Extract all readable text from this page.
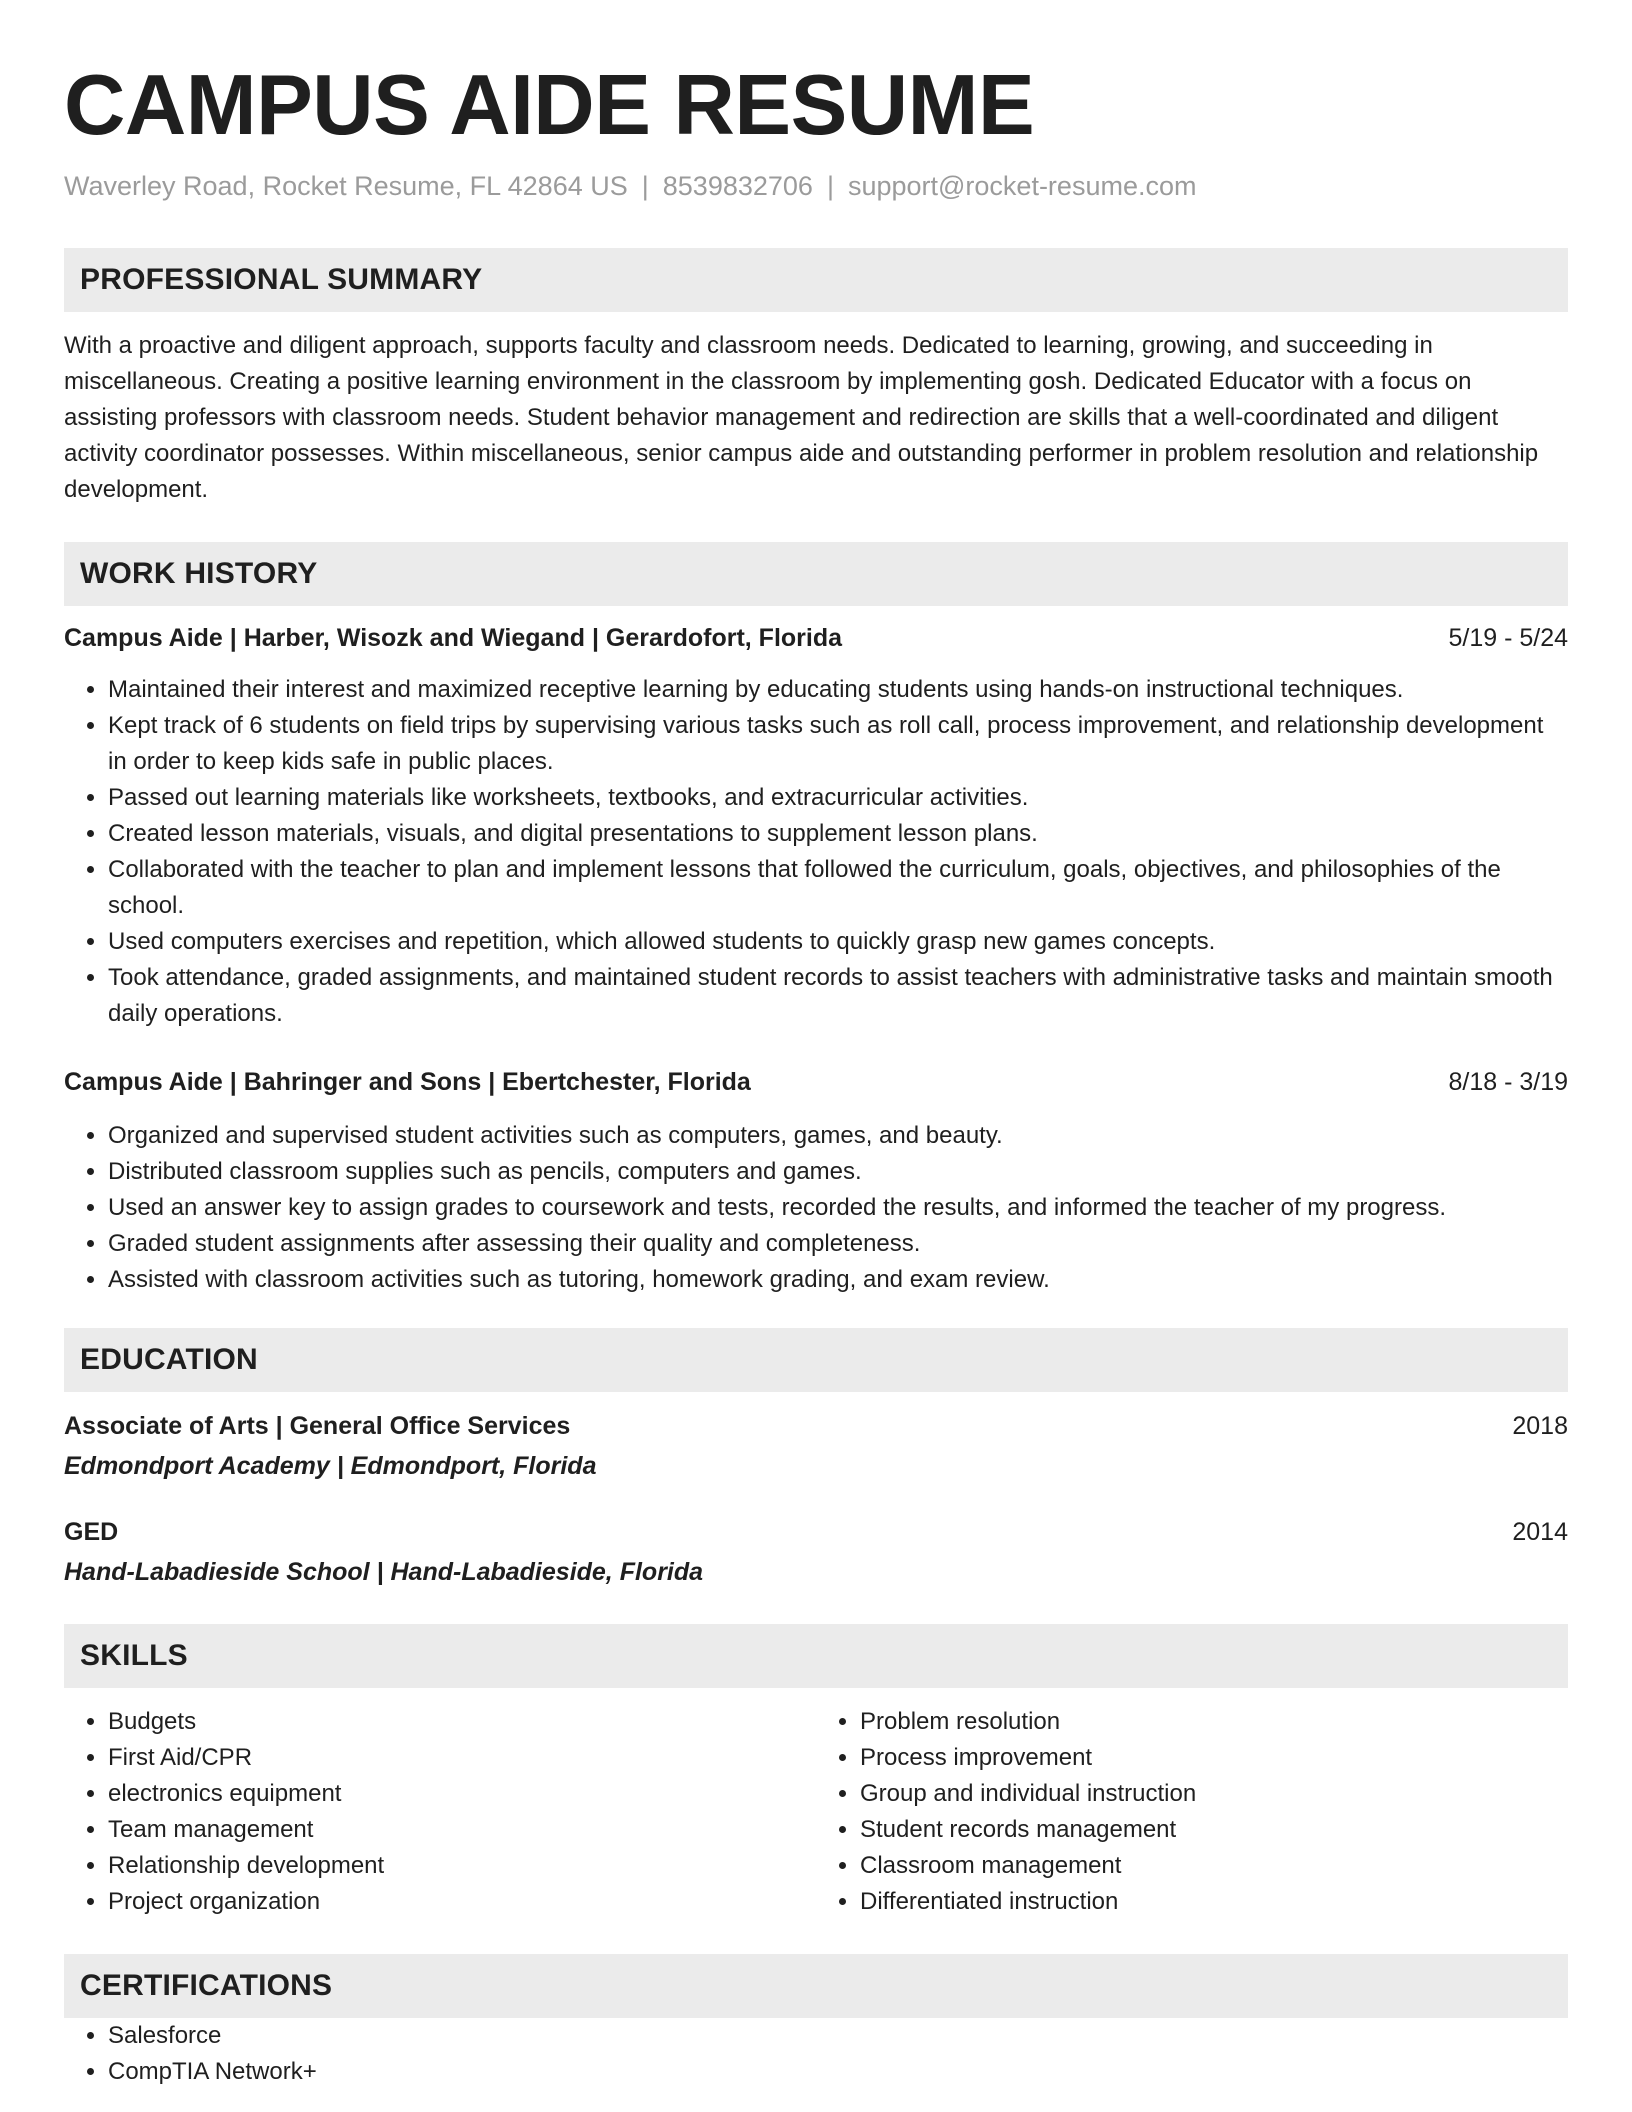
CAMPUS AIDE RESUME
Waverley Road, Rocket Resume, FL 42864 US | 8539832706 | support@rocket-resume.com
PROFESSIONAL SUMMARY
With a proactive and diligent approach, supports faculty and classroom needs. Dedicated to learning, growing, and succeeding in miscellaneous. Creating a positive learning environment in the classroom by implementing gosh. Dedicated Educator with a focus on assisting professors with classroom needs. Student behavior management and redirection are skills that a well-coordinated and diligent activity coordinator possesses. Within miscellaneous, senior campus aide and outstanding performer in problem resolution and relationship development.
WORK HISTORY
Campus Aide | Harber, Wisozk and Wiegand | Gerardofort, Florida	5/19 - 5/24
• Maintained their interest and maximized receptive learning by educating students using hands-on instructional techniques.
• Kept track of 6 students on field trips by supervising various tasks such as roll call, process improvement, and relationship development in order to keep kids safe in public places.
• Passed out learning materials like worksheets, textbooks, and extracurricular activities.
• Created lesson materials, visuals, and digital presentations to supplement lesson plans.
• Collaborated with the teacher to plan and implement lessons that followed the curriculum, goals, objectives, and philosophies of the school.
• Used computers exercises and repetition, which allowed students to quickly grasp new games concepts.
• Took attendance, graded assignments, and maintained student records to assist teachers with administrative tasks and maintain smooth daily operations.
Campus Aide | Bahringer and Sons | Ebertchester, Florida	8/18 - 3/19
• Organized and supervised student activities such as computers, games, and beauty.
• Distributed classroom supplies such as pencils, computers and games.
• Used an answer key to assign grades to coursework and tests, recorded the results, and informed the teacher of my progress.
• Graded student assignments after assessing their quality and completeness.
• Assisted with classroom activities such as tutoring, homework grading, and exam review.
EDUCATION
Associate of Arts | General Office Services	2018
Edmondport Academy | Edmondport, Florida
GED	2014
Hand-Labadieside School | Hand-Labadieside, Florida
SKILLS
• Budgets
• First Aid/CPR
• electronics equipment
• Team management
• Relationship development
• Project organization
• Problem resolution
• Process improvement
• Group and individual instruction
• Student records management
• Classroom management
• Differentiated instruction
CERTIFICATIONS
• Salesforce
• CompTIA Network+
